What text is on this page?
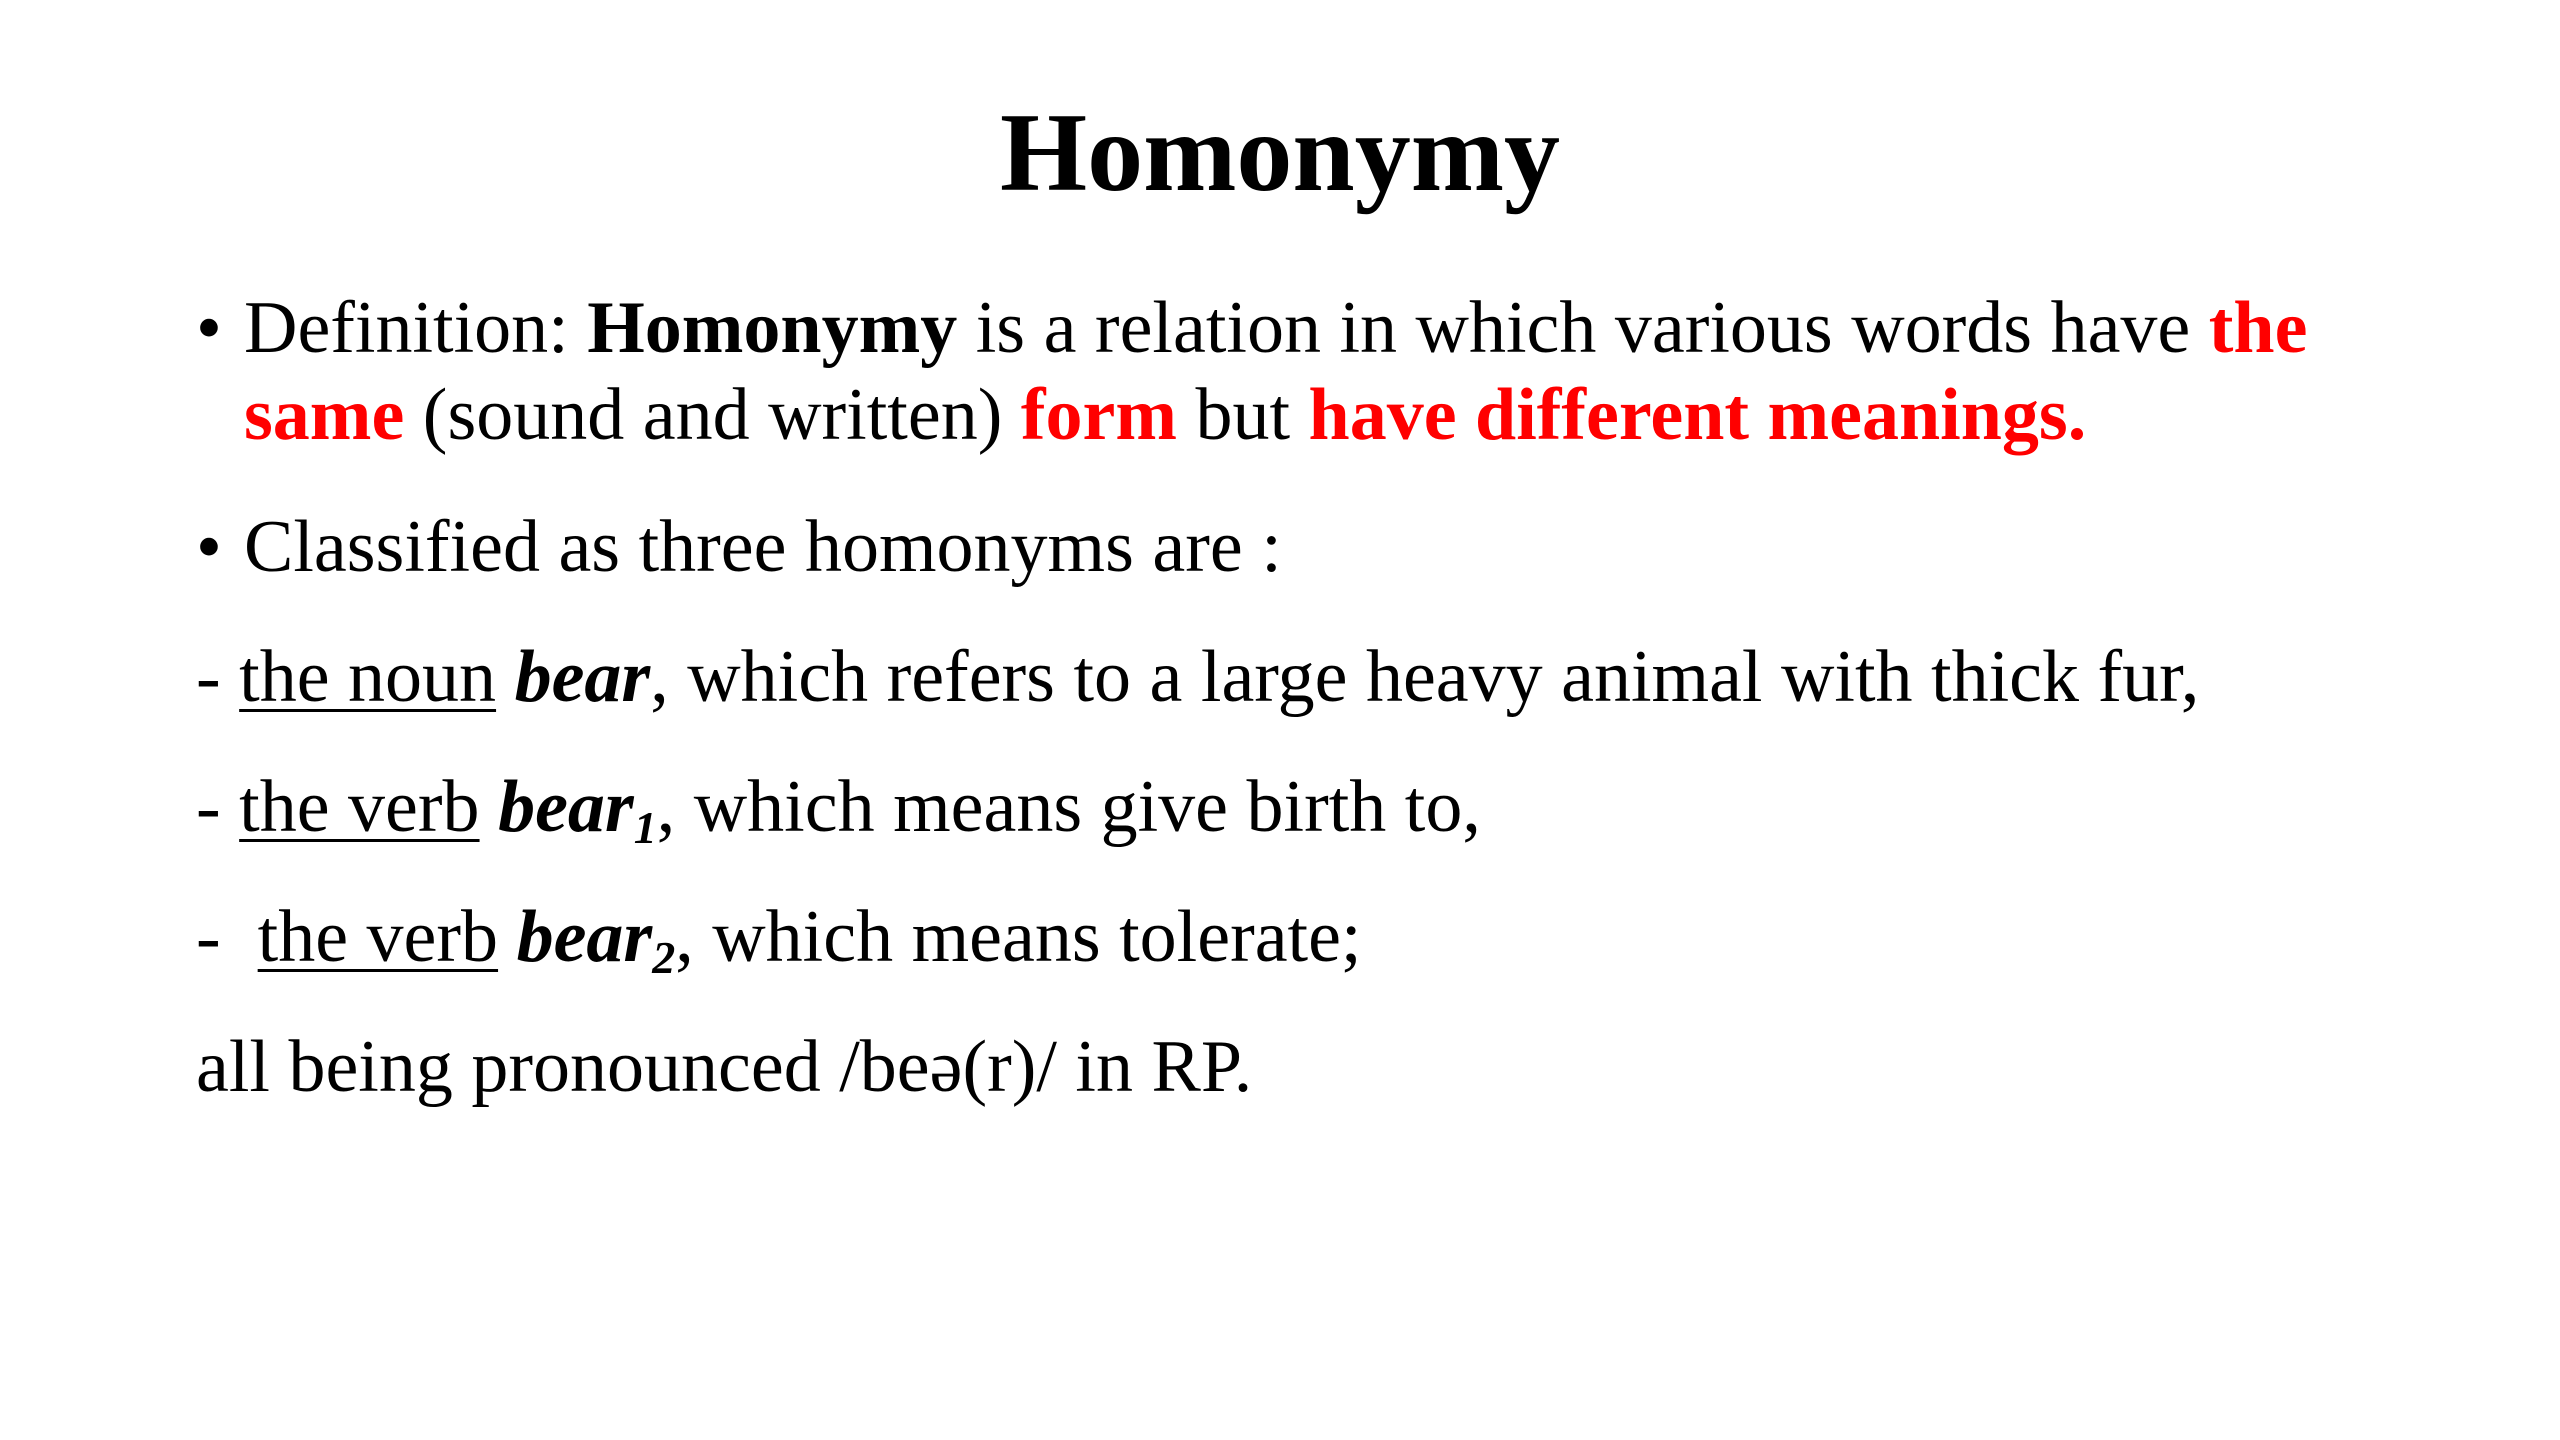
Homonymy
• Definition: Homonymy is a relation in which various words have the same (sound and written) form but have different meanings.
• Classified as three homonyms are :
- the noun bear, which refers to a large heavy animal with thick fur,
- the verb bear$_1$, which means give birth to,
-  the verb bear$_2$, which means tolerate;
all being pronounced /beə(r)/ in RP.
